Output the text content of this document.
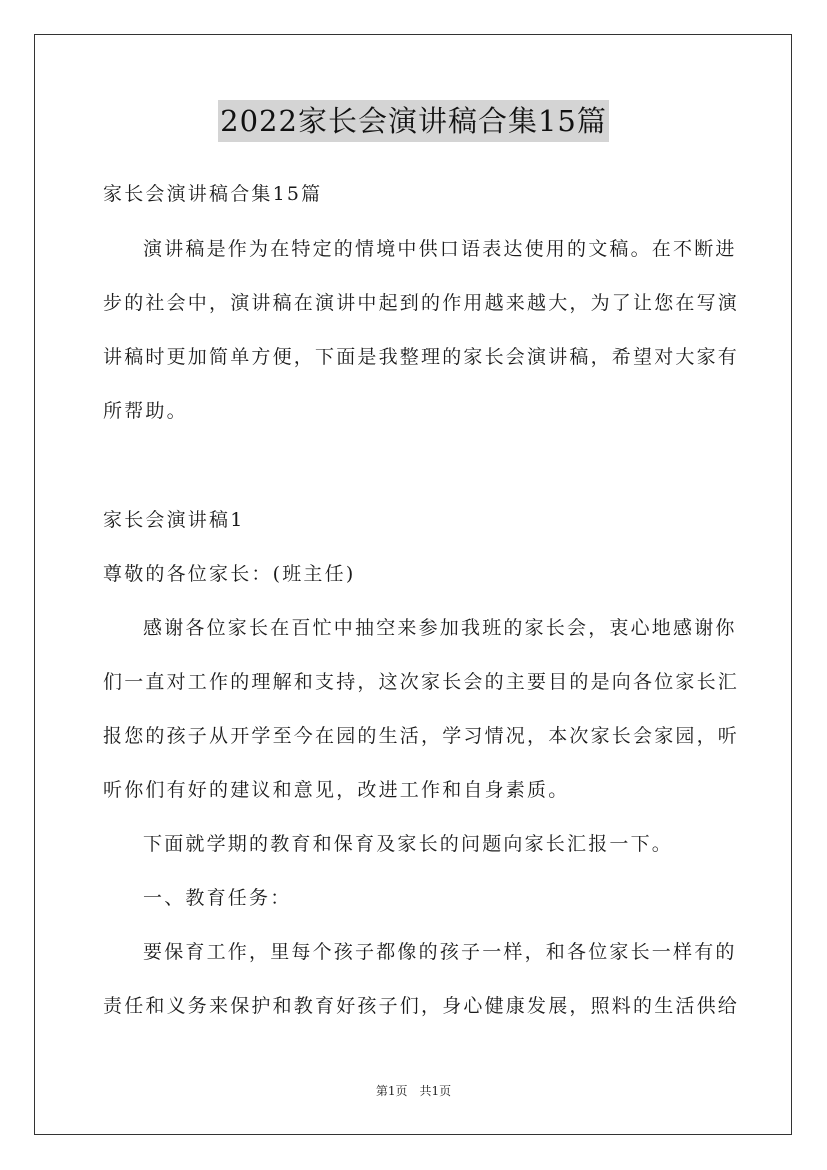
2022家长会演讲稿合集15篇
家长会演讲稿合集15篇
演讲稿是作为在特定的情境中供口语表达使用的文稿。在不断进
步的社会中，演讲稿在演讲中起到的作用越来越大，为了让您在写演
讲稿时更加简单方便，下面是我整理的家长会演讲稿，希望对大家有
所帮助。
家长会演讲稿1
尊敬的各位家长：(班主任)
感谢各位家长在百忙中抽空来参加我班的家长会，衷心地感谢你
们一直对工作的理解和支持，这次家长会的主要目的是向各位家长汇
报您的孩子从开学至今在园的生活，学习情况，本次家长会家园，听
听你们有好的建议和意见，改进工作和自身素质。
下面就学期的教育和保育及家长的问题向家长汇报一下。
一、教育任务：
要保育工作，里每个孩子都像的孩子一样，和各位家长一样有的
责任和义务来保护和教育好孩子们，身心健康发展，照料的生活供给
第1页　共1页
